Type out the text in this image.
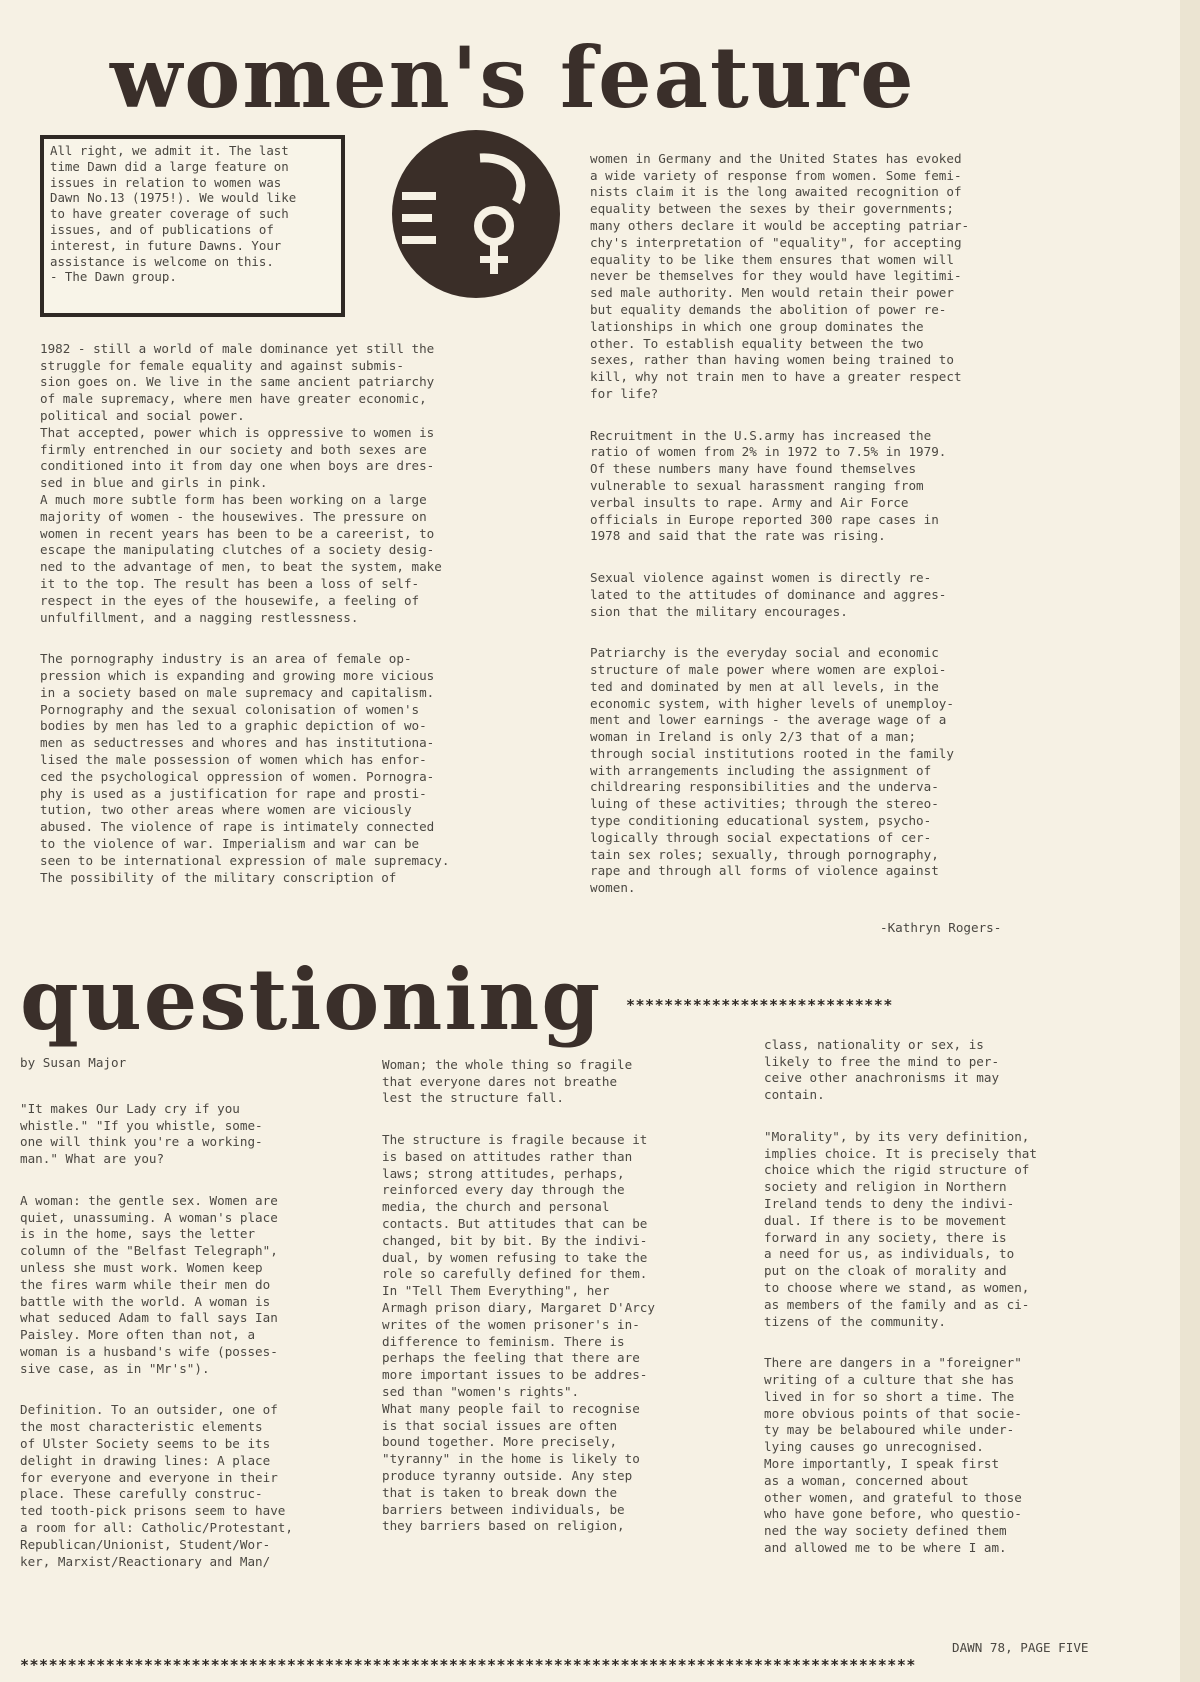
women's feature
All right, we admit it. The last
time Dawn did a large feature on
issues in relation to women was
Dawn No.13 (1975!). We would like
to have greater coverage of such
issues, and of publications of
interest, in future Dawns. Your
assistance is welcome on this.
- The Dawn group.

1982 - still a world of male dominance yet still the
struggle for female equality and against submis-
sion goes on. We live in the same ancient patriarchy
of male supremacy, where men have greater economic,
political and social power.
That accepted, power which is oppressive to women is
firmly entrenched in our society and both sexes are
conditioned into it from day one when boys are dres-
sed in blue and girls in pink.
A much more subtle form has been working on a large
majority of women - the housewives. The pressure on
women in recent years has been to be a careerist, to
escape the manipulating clutches of a society desig-
ned to the advantage of men, to beat the system, make
it to the top. The result has been a loss of self-
respect in the eyes of the housewife, a feeling of
unfulfillment, and a nagging restlessness.

The pornography industry is an area of female op-
pression which is expanding and growing more vicious
in a society based on male supremacy and capitalism.
Pornography and the sexual colonisation of women's
bodies by men has led to a graphic depiction of wo-
men as seductresses and whores and has institutiona-
lised the male possession of women which has enfor-
ced the psychological oppression of women. Pornogra-
phy is used as a justification for rape and prosti-
tution, two other areas where women are viciously
abused. The violence of rape is intimately connected
to the violence of war. Imperialism and war can be
seen to be international expression of male supremacy.
The possibility of the military conscription of

women in Germany and the United States has evoked
a wide variety of response from women. Some femi-
nists claim it is the long awaited recognition of
equality between the sexes by their governments;
many others declare it would be accepting patriar-
chy's interpretation of "equality", for accepting
equality to be like them ensures that women will
never be themselves for they would have legitimi-
sed male authority. Men would retain their power
but equality demands the abolition of power re-
lationships in which one group dominates the
other. To establish equality between the two
sexes, rather than having women being trained to
kill, why not train men to have a greater respect
for life?

Recruitment in the U.S.army has increased the
ratio of women from 2% in 1972 to 7.5% in 1979.
Of these numbers many have found themselves
vulnerable to sexual harassment ranging from
verbal insults to rape. Army and Air Force
officials in Europe reported 300 rape cases in
1978 and said that the rate was rising.

Sexual violence against women is directly re-
lated to the attitudes of dominance and aggres-
sion that the military encourages.

Patriarchy is the everyday social and economic
structure of male power where women are exploi-
ted and dominated by men at all levels, in the
economic system, with higher levels of unemploy-
ment and lower earnings - the average wage of a
woman in Ireland is only 2/3 that of a man;
through social institutions rooted in the family
with arrangements including the assignment of
childrearing responsibilities and the underva-
luing of these activities; through the stereo-
type conditioning educational system, psycho-
logically through social expectations of cer-
tain sex roles; sexually, through pornography,
rape and through all forms of violence against
women.

-Kathryn Rogers-
questioning	****************************
by Susan Major

"It makes Our Lady cry if you
whistle." "If you whistle, some-
one will think you're a working-
man." What are you?

A woman: the gentle sex. Women are
quiet, unassuming. A woman's place
is in the home, says the letter
column of the "Belfast Telegraph",
unless she must work. Women keep
the fires warm while their men do
battle with the world. A woman is
what seduced Adam to fall says Ian
Paisley. More often than not, a
woman is a husband's wife (posses-
sive case, as in "Mr's").

Definition. To an outsider, one of
the most characteristic elements
of Ulster Society seems to be its
delight in drawing lines: A place
for everyone and everyone in their
place. These carefully construc-
ted tooth-pick prisons seem to have
a room for all: Catholic/Protestant,
Republican/Unionist, Student/Wor-
ker, Marxist/Reactionary and Man/

Woman; the whole thing so fragile
that everyone dares not breathe
lest the structure fall.

The structure is fragile because it
is based on attitudes rather than
laws; strong attitudes, perhaps,
reinforced every day through the
media, the church and personal
contacts. But attitudes that can be
changed, bit by bit. By the indivi-
dual, by women refusing to take the
role so carefully defined for them.
In "Tell Them Everything", her
Armagh prison diary, Margaret D'Arcy
writes of the women prisoner's in-
difference to feminism. There is
perhaps the feeling that there are
more important issues to be addres-
sed than "women's rights".
What many people fail to recognise
is that social issues are often
bound together. More precisely,
"tyranny" in the home is likely to
produce tyranny outside. Any step
that is taken to break down the
barriers between individuals, be
they barriers based on religion,

class, nationality or sex, is
likely to free the mind to per-
ceive other anachronisms it may
contain.

"Morality", by its very definition,
implies choice. It is precisely that
choice which the rigid structure of
society and religion in Northern
Ireland tends to deny the indivi-
dual. If there is to be movement
forward in any society, there is
a need for us, as individuals, to
put on the cloak of morality and
to choose where we stand, as women,
as members of the family and as ci-
tizens of the community.

There are dangers in a "foreigner"
writing of a culture that she has
lived in for so short a time. The
more obvious points of that socie-
ty may be belaboured while under-
lying causes go unrecognised.
More importantly, I speak first
as a woman, concerned about
other women, and grateful to those
who have gone before, who questio-
ned the way society defined them
and allowed me to be where I am.

DAWN 78, PAGE FIVE
**********************************************************************************************
